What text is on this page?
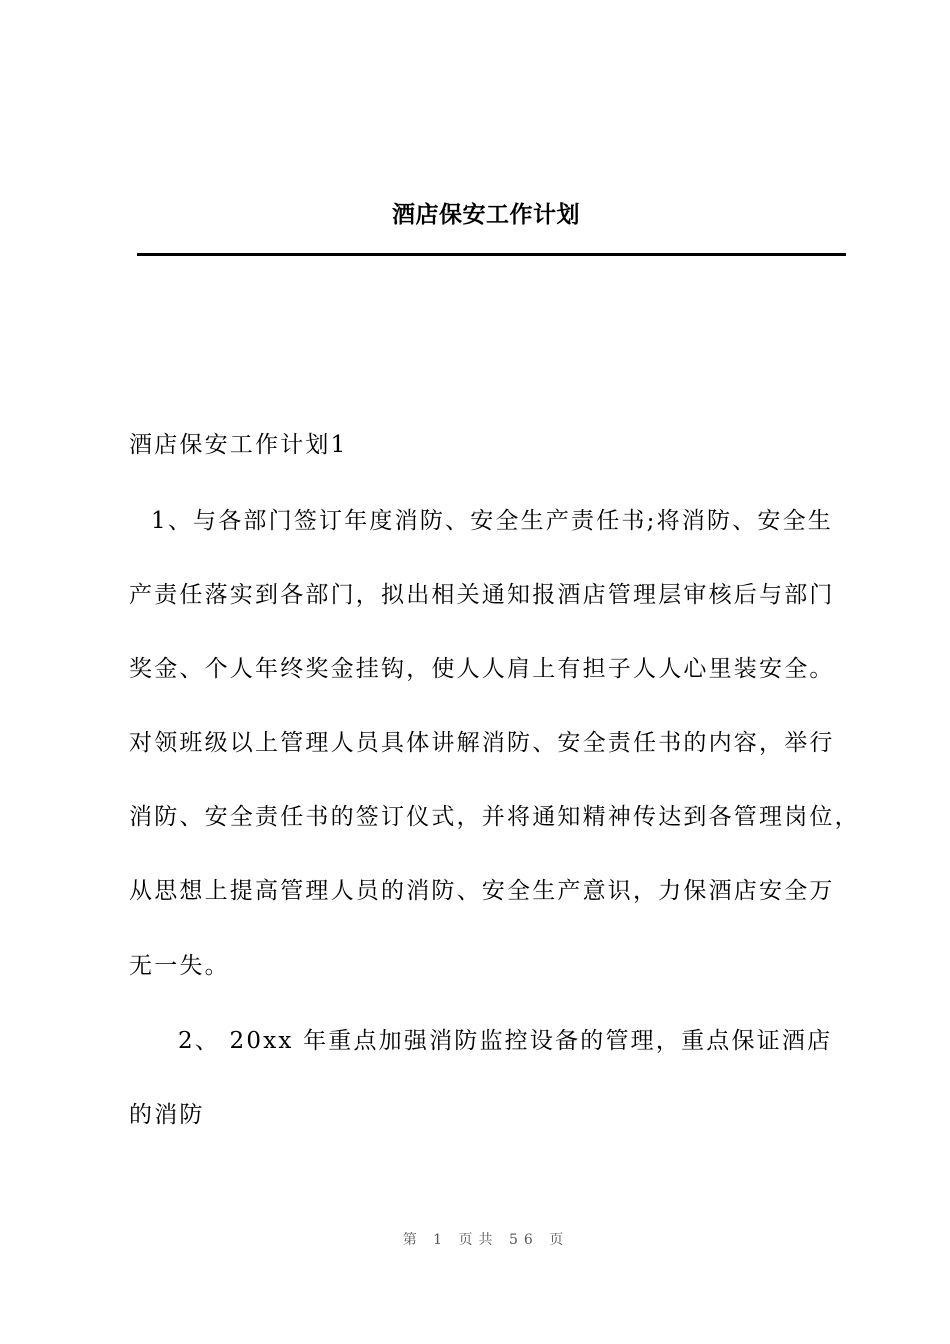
酒店保安工作计划
酒店保安工作计划1
1、与各部门签订年度消防、安全生产责任书;将消防、安全生
产责任落实到各部门，拟出相关通知报酒店管理层审核后与部门
奖金、个人年终奖金挂钩，使人人肩上有担子人人心里装安全。
对领班级以上管理人员具体讲解消防、安全责任书的内容，举行
消防、安全责任书的签订仪式，并将通知精神传达到各管理岗位，
从思想上提高管理人员的消防、安全生产意识，力保酒店安全万
无一失。
2、 20xx 年重点加强消防监控设备的管理，重点保证酒店
的消防
第 1 页共 56 页
